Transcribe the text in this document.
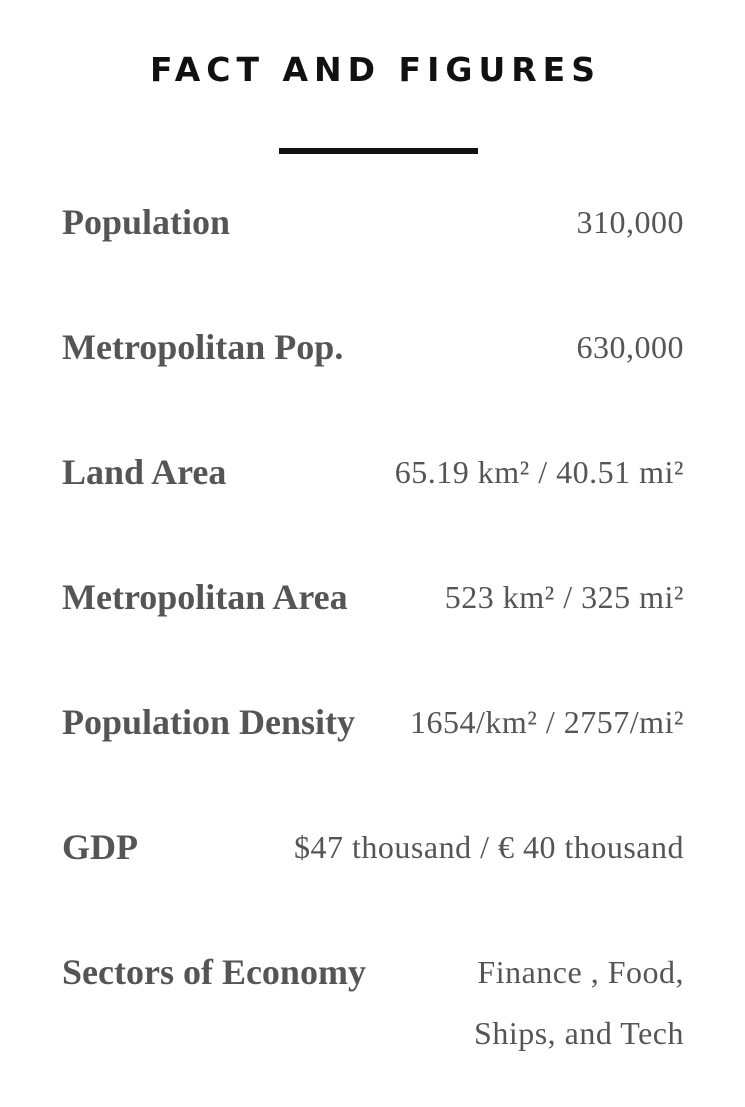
FACT AND FIGURES
Population	310,000
Metropolitan Pop.	630,000
Land Area	65.19 km² / 40.51 mi²
Metropolitan Area	523 km² / 325 mi²
Population Density 1654/km² / 2757/mi²
GDP	$47 thousand / € 40 thousand
Sectors of Economy	Finance , Food,
Ships, and Tech
